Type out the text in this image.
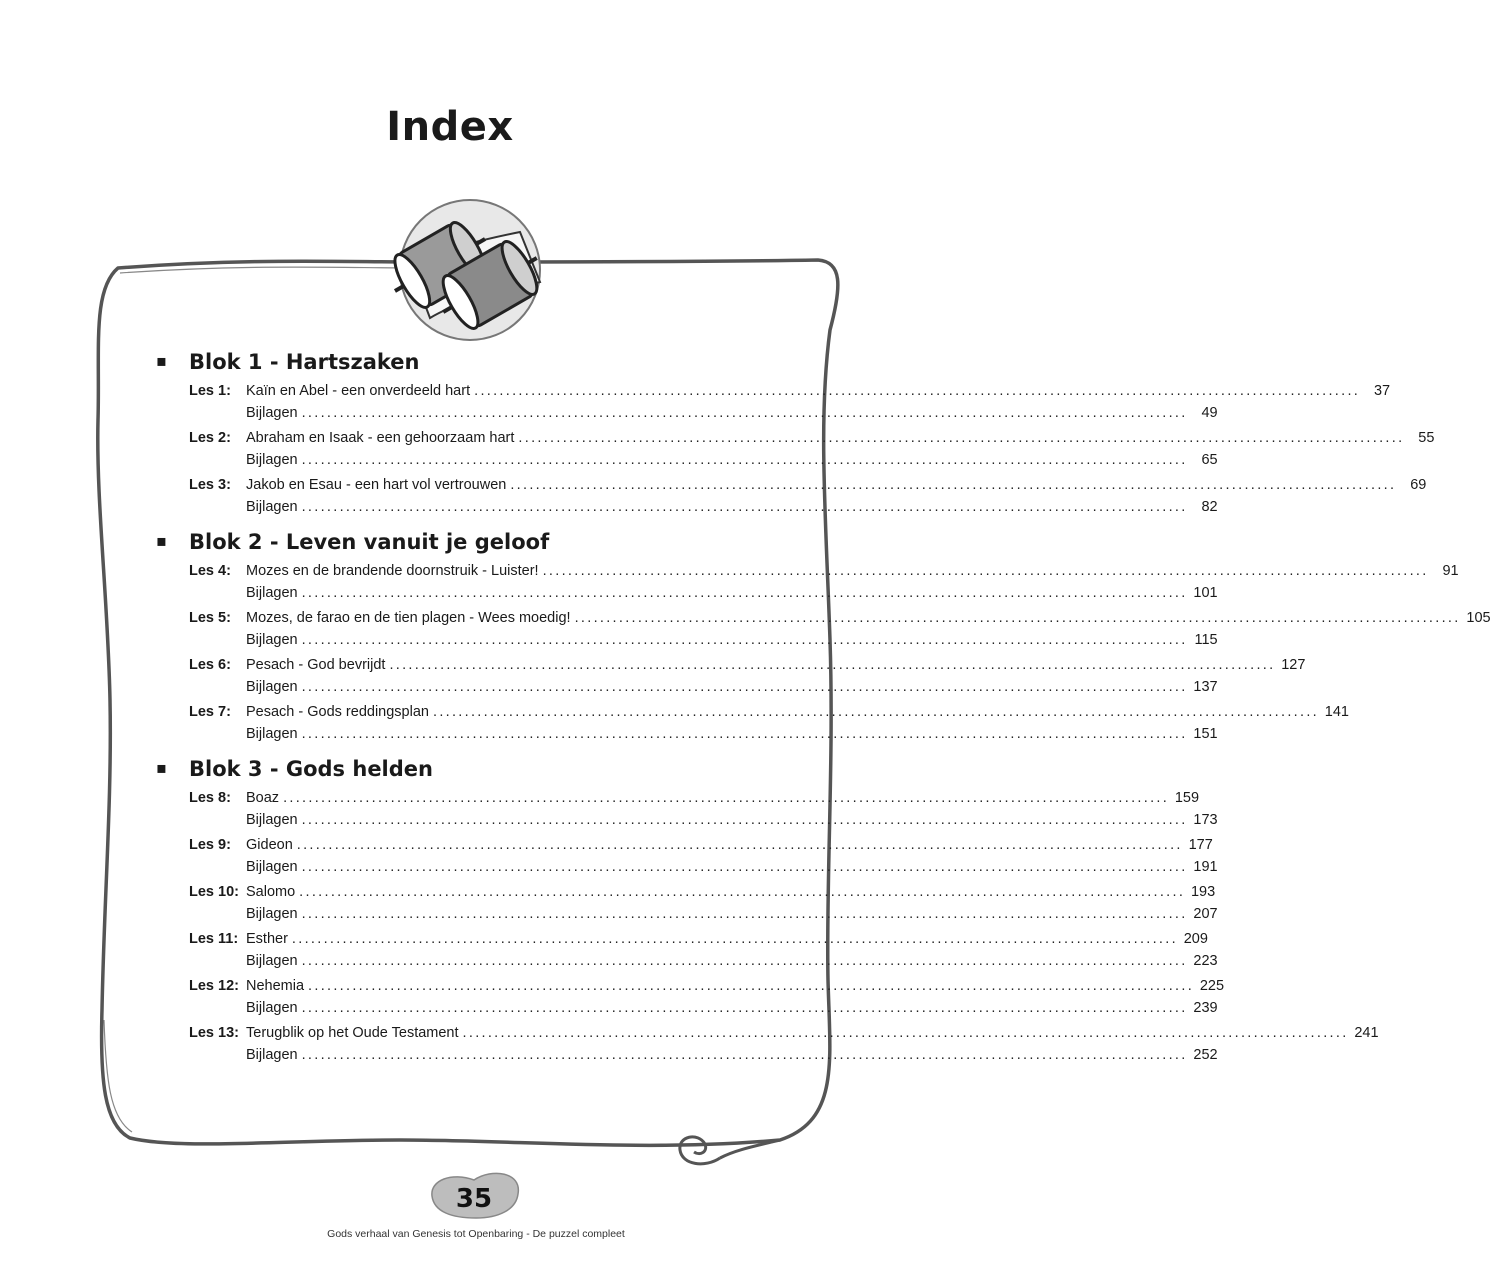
Index
▪	Blok 1 - Hartszaken
Les 1:	Kaïn en Abel - een onverdeeld hart ............................................................................................................................................ 37
Bijlagen ............................................................................................................................................ 49
Les 2:	Abraham en Isaak - een gehoorzaam hart ............................................................................................................................................ 55
Bijlagen ............................................................................................................................................ 65
Les 3:	Jakob en Esau - een hart vol vertrouwen ............................................................................................................................................ 69
Bijlagen ............................................................................................................................................ 82
▪	Blok 2 - Leven vanuit je geloof
Les 4:	Mozes en de brandende doornstruik - Luister! ............................................................................................................................................ 91
Bijlagen ............................................................................................................................................ 101
Les 5:	Mozes, de farao en de tien plagen - Wees moedig! ............................................................................................................................................ 105
Bijlagen ............................................................................................................................................ 115
Les 6:	Pesach - God bevrijdt ............................................................................................................................................ 127
Bijlagen ............................................................................................................................................ 137
Les 7:	Pesach - Gods reddingsplan ............................................................................................................................................ 141
Bijlagen ............................................................................................................................................ 151
▪	Blok 3 - Gods helden
Les 8:	Boaz ............................................................................................................................................ 159
Bijlagen ............................................................................................................................................ 173
Les 9:	Gideon ............................................................................................................................................ 177
Bijlagen ............................................................................................................................................ 191
Les 10: Salomo ............................................................................................................................................ 193
Bijlagen ............................................................................................................................................ 207
Les 11: Esther ............................................................................................................................................ 209
Bijlagen ............................................................................................................................................ 223
Les 12: Nehemia ............................................................................................................................................ 225
Bijlagen ............................................................................................................................................ 239
Les 13: Terugblik op het Oude Testament ............................................................................................................................................ 241
Bijlagen ............................................................................................................................................ 252
35
Gods verhaal van Genesis tot Openbaring - De puzzel compleet
